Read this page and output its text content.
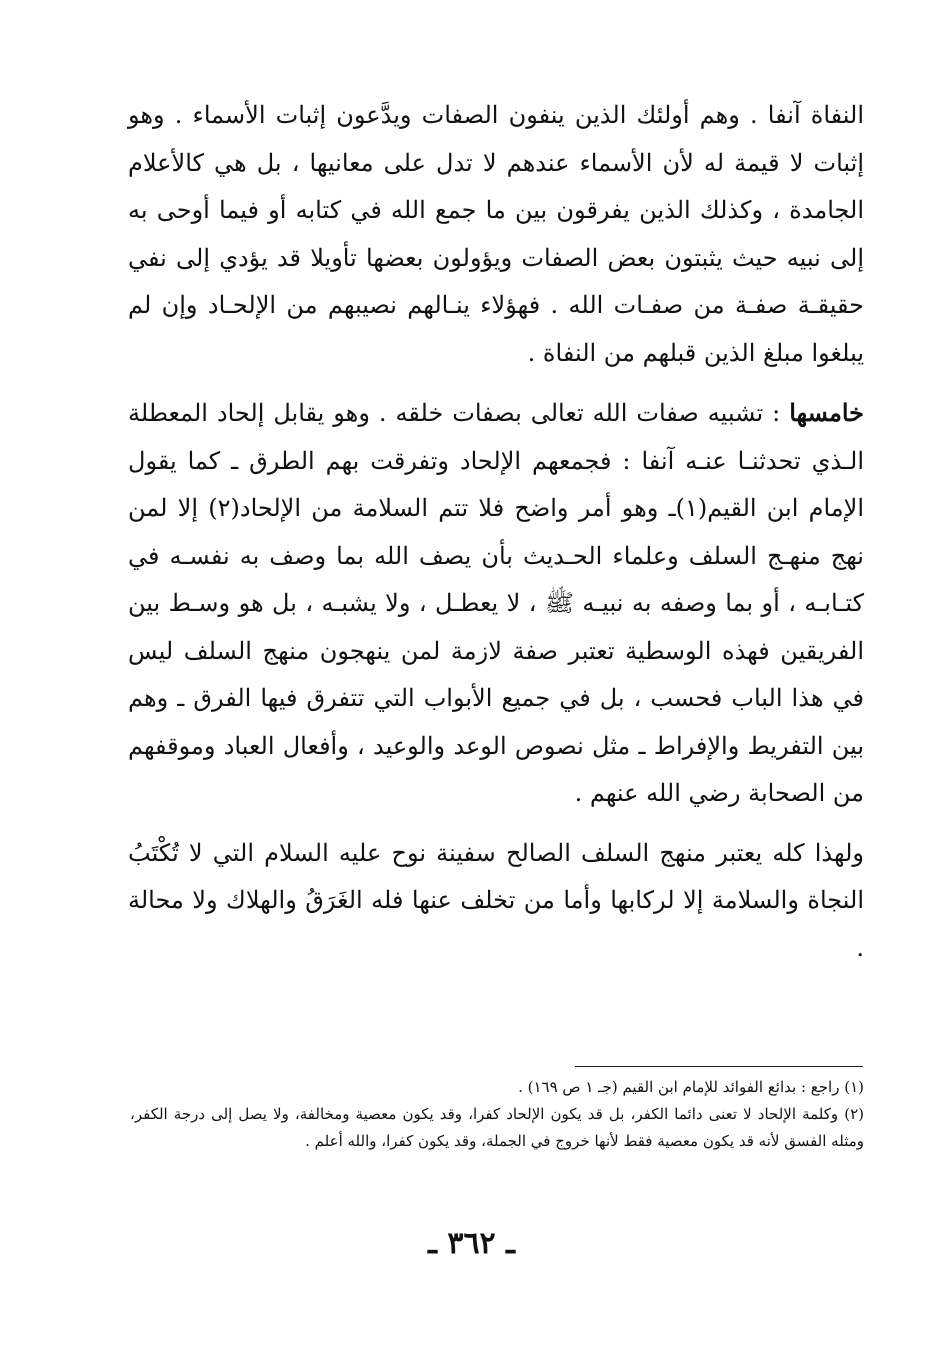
النفاة آنفا . وهم أولئك الذين ينفون الصفات ويدَّعون إثبات الأسماء . وهو إثبات لا قيمة له لأن الأسماء عندهم لا تدل على معانيها ، بل هي كالأعلام الجامدة ، وكذلك الذين يفرقون بين ما جمع الله في كتابه أو فيما أوحى به إلى نبيه حيث يثبتون بعض الصفات ويؤولون بعضها تأويلا قد يؤدي إلى نفي حقيقـة صفـة من صفـات الله . فهؤلاء ينـالهم نصيبهم من الإلحـاد وإن لم يبلغوا مبلغ الذين قبلهم من النفاة .

خامسها : تشبيه صفات الله تعالى بصفات خلقه . وهو يقابل إلحاد المعطلة الـذي تحدثنـا عنـه آنفا : فجمعهم الإلحاد وتفرقت بهم الطرق ـ كما يقول الإمام ابن القيم(١)ـ وهو أمر واضح فلا تتم السلامة من الإلحاد(٢) إلا لمن نهج منهـج السلف وعلماء الحـديث بأن يصف الله بما وصف به نفسـه في كتـابـه ، أو بما وصفه به نبيـه ﷺ ، لا يعطـل ، ولا يشبـه ، بل هو وسـط بين الفريقين فهذه الوسطية تعتبر صفة لازمة لمن ينهجون منهج السلف ليس في هذا الباب فحسب ، بل في جميع الأبواب التي تتفرق فيها الفرق ـ وهم بين التفريط والإفراط ـ مثل نصوص الوعد والوعيد ، وأفعال العباد وموقفهم من الصحابة رضي الله عنهم .

ولهذا كله يعتبر منهج السلف الصالح سفينة نوح عليه السلام التي لا تُكْتَبُ النجاة والسلامة إلا لركابها وأما من تخلف عنها فله الغَرَقُ والهلاك ولا محالة .

(١) راجع : بدائع الفوائد للإمام ابن القيم (جـ ١ ص ١٦٩) .

(٢) وكلمة الإلحاد لا تعنى دائما الكفر، بل قد يكون الإلحاد كفرا، وقد يكون معصية ومخالفة، ولا يصل إلى درجة الكفر، ومثله الفسق لأنه قد يكون معصية فقط لأنها خروج في الجملة، وقد يكون كفرا، والله أعلم .

ـ ٣٦٢ ـ
